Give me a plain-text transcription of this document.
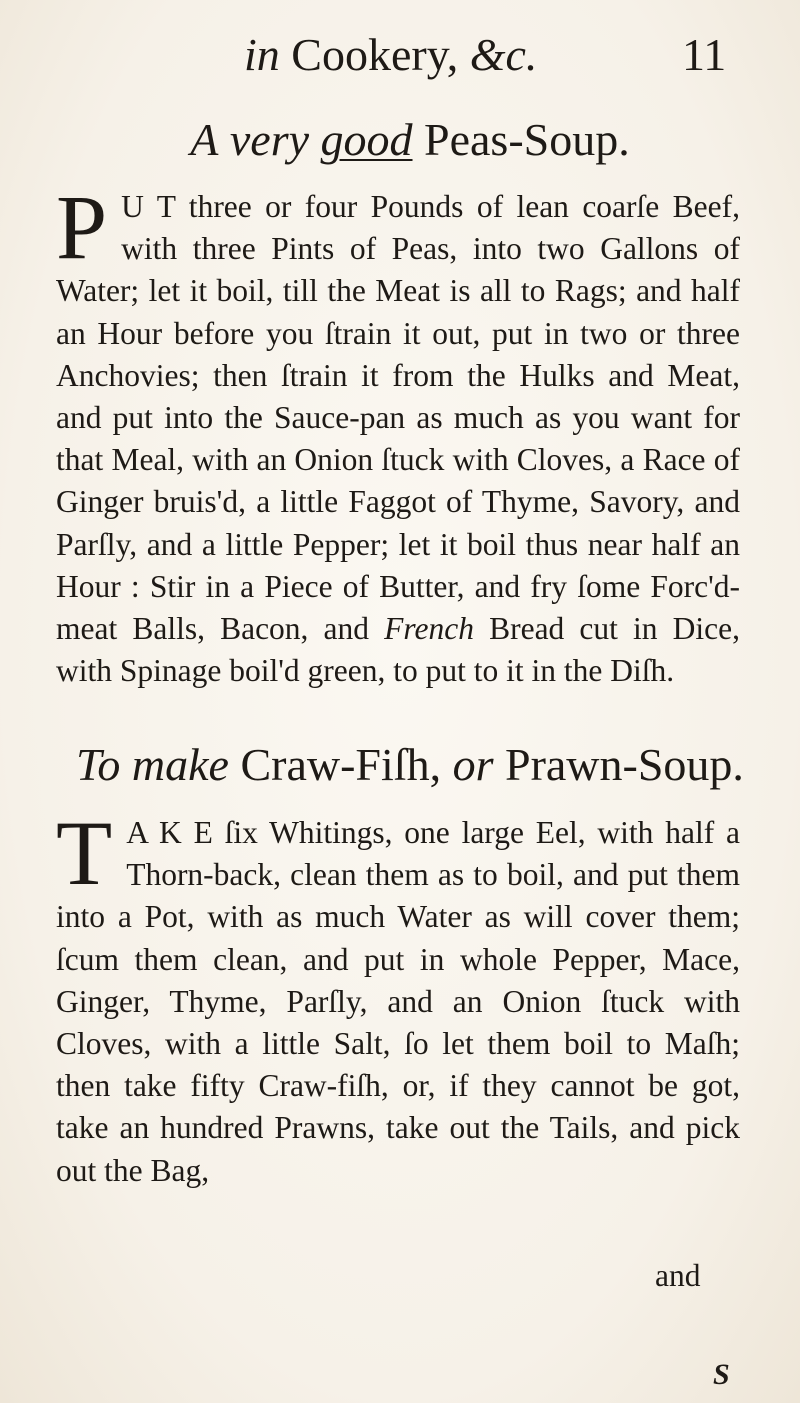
in Cookery, &c.	11
A very good Peas-Soup.
P U T three or four Pounds of lean coarſe Beef, with three Pints of Peas, into two Gallons of Water; let it boil, till the Meat is all to Rags; and half an Hour before you ſtrain it out, put in two or three Anchovies; then ſtrain it from the Hulks and Meat, and put into the Sauce-pan as much as you want for that Meal, with an Onion ſtuck with Cloves, a Race of Ginger bruis'd, a little Faggot of Thyme, Savory, and Parſly, and a little Pepper; let it boil thus near half an Hour : Stir in a Piece of Butter, and fry ſome Forc'd-meat Balls, Bacon, and French Bread cut in Dice, with Spinage boil'd green, to put to it in the Diſh.
To make Craw-Fiſh, or Prawn-Soup.
T A K E ſix Whitings, one large Eel, with half a Thorn-back, clean them as to boil, and put them into a Pot, with as much Water as will cover them; ſcum them clean, and put in whole Pepper, Mace, Ginger, Thyme, Parſly, and an Onion ſtuck with Cloves, with a little Salt, ſo let them boil to Maſh; then take fifty Craw-fiſh, or, if they cannot be got, take an hundred Prawns, take out the Tails, and pick out the Bag,
and
S
